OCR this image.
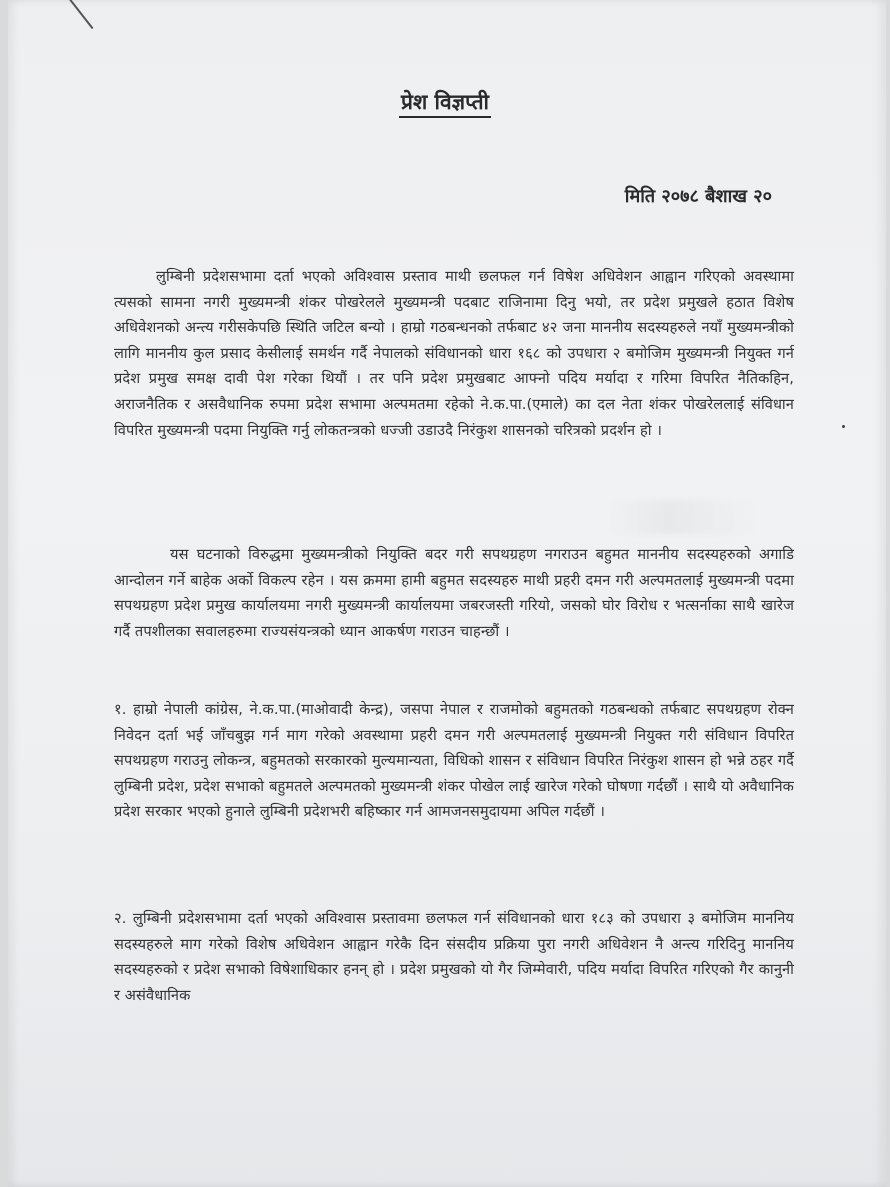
प्रेश विज्ञप्ती
मिति २०७८ बैशाख २०

लुम्बिनी प्रदेशसभामा दर्ता भएको अविश्वास प्रस्ताव माथी छलफल गर्न विषेश अधिवेशन आह्वान गरिएको अवस्थामा त्यसको सामना नगरी मुख्यमन्त्री शंकर पोखरेलले मुख्यमन्त्री पदबाट राजिनामा दिनु भयो, तर प्रदेश प्रमुखले हठात विशेष अधिवेशनको अन्त्य गरीसकेपछि स्थिति जटिल बन्यो । हाम्रो गठबन्धनको तर्फबाट ४२ जना माननीय सदस्यहरुले नयाँ मुख्यमन्त्रीको लागि माननीय कुल प्रसाद केसीलाई समर्थन गर्दै नेपालको संविधानको धारा १६८ को उपधारा २ बमोजिम मुख्यमन्त्री नियुक्त गर्न प्रदेश प्रमुख समक्ष दावी पेश गरेका थियौं । तर पनि प्रदेश प्रमुखबाट आफ्नो पदिय मर्यादा र गरिमा विपरित नैतिकहिन, अराजनैतिक र असवैधानिक रुपमा प्रदेश सभामा अल्पमतमा रहेको ने.क.पा.(एमाले) का दल नेता शंकर पोखरेललाई संविधान विपरित मुख्यमन्त्री पदमा नियुक्ति गर्नु लोकतन्त्रको धज्जी उडाउदै निरंकुश शासनको चरित्रको प्रदर्शन हो ।

यस घटनाको विरुद्धमा मुख्यमन्त्रीको नियुक्ति बदर गरी सपथग्रहण नगराउन बहुमत माननीय सदस्यहरुको अगाडि आन्दोलन गर्ने बाहेक अर्को विकल्प रहेन । यस क्रममा हामी बहुमत सदस्यहरु माथी प्रहरी दमन गरी अल्पमतलाई मुख्यमन्त्री पदमा सपथग्रहण प्रदेश प्रमुख कार्यालयमा नगरी मुख्यमन्त्री कार्यालयमा जबरजस्ती गरियो, जसको घोर विरोध र भत्सर्नाका साथै खारेज गर्दै तपशीलका सवालहरुमा राज्यसंयन्त्रको ध्यान आकर्षण गराउन चाहन्छौं ।

१. हाम्रो नेपाली कांग्रेस, ने.क.पा.(माओवादी केन्द्र), जसपा नेपाल र राजमोको बहुमतको गठबन्धको तर्फबाट सपथग्रहण रोक्न निवेदन दर्ता भई जाँचबुझ गर्न माग गरेको अवस्थामा प्रहरी दमन गरी अल्पमतलाई मुख्यमन्त्री नियुक्त गरी संविधान विपरित सपथग्रहण गराउनु लोकन्त्र, बहुमतको सरकारको मुल्यमान्यता, विधिको शासन र संविधान विपरित निरंकुश शासन हो भन्ने ठहर गर्दै लुम्बिनी प्रदेश, प्रदेश सभाको बहुमतले अल्पमतको मुख्यमन्त्री शंकर पोखेल लाई खारेज गरेको घोषणा गर्दछौं । साथै यो अवैधानिक प्रदेश सरकार भएको हुनाले लुम्बिनी प्रदेशभरी बहिष्कार गर्न आमजनसमुदायमा अपिल गर्दछौं ।

२. लुम्बिनी प्रदेशसभामा दर्ता भएको अविश्वास प्रस्तावमा छलफल गर्न संविधानको धारा १८३ को उपधारा ३ बमोजिम माननिय सदस्यहरुले माग गरेको विशेष अधिवेशन आह्वान गरेकै दिन संसदीय प्रक्रिया पुरा नगरी अधिवेशन नै अन्त्य गरिदिनु माननिय सदस्यहरुको र प्रदेश सभाको विषेशाधिकार हनन् हो । प्रदेश प्रमुखको यो गैर जिम्मेवारी, पदिय मर्यादा विपरित गरिएको गैर कानुनी र असंवैधानिक
